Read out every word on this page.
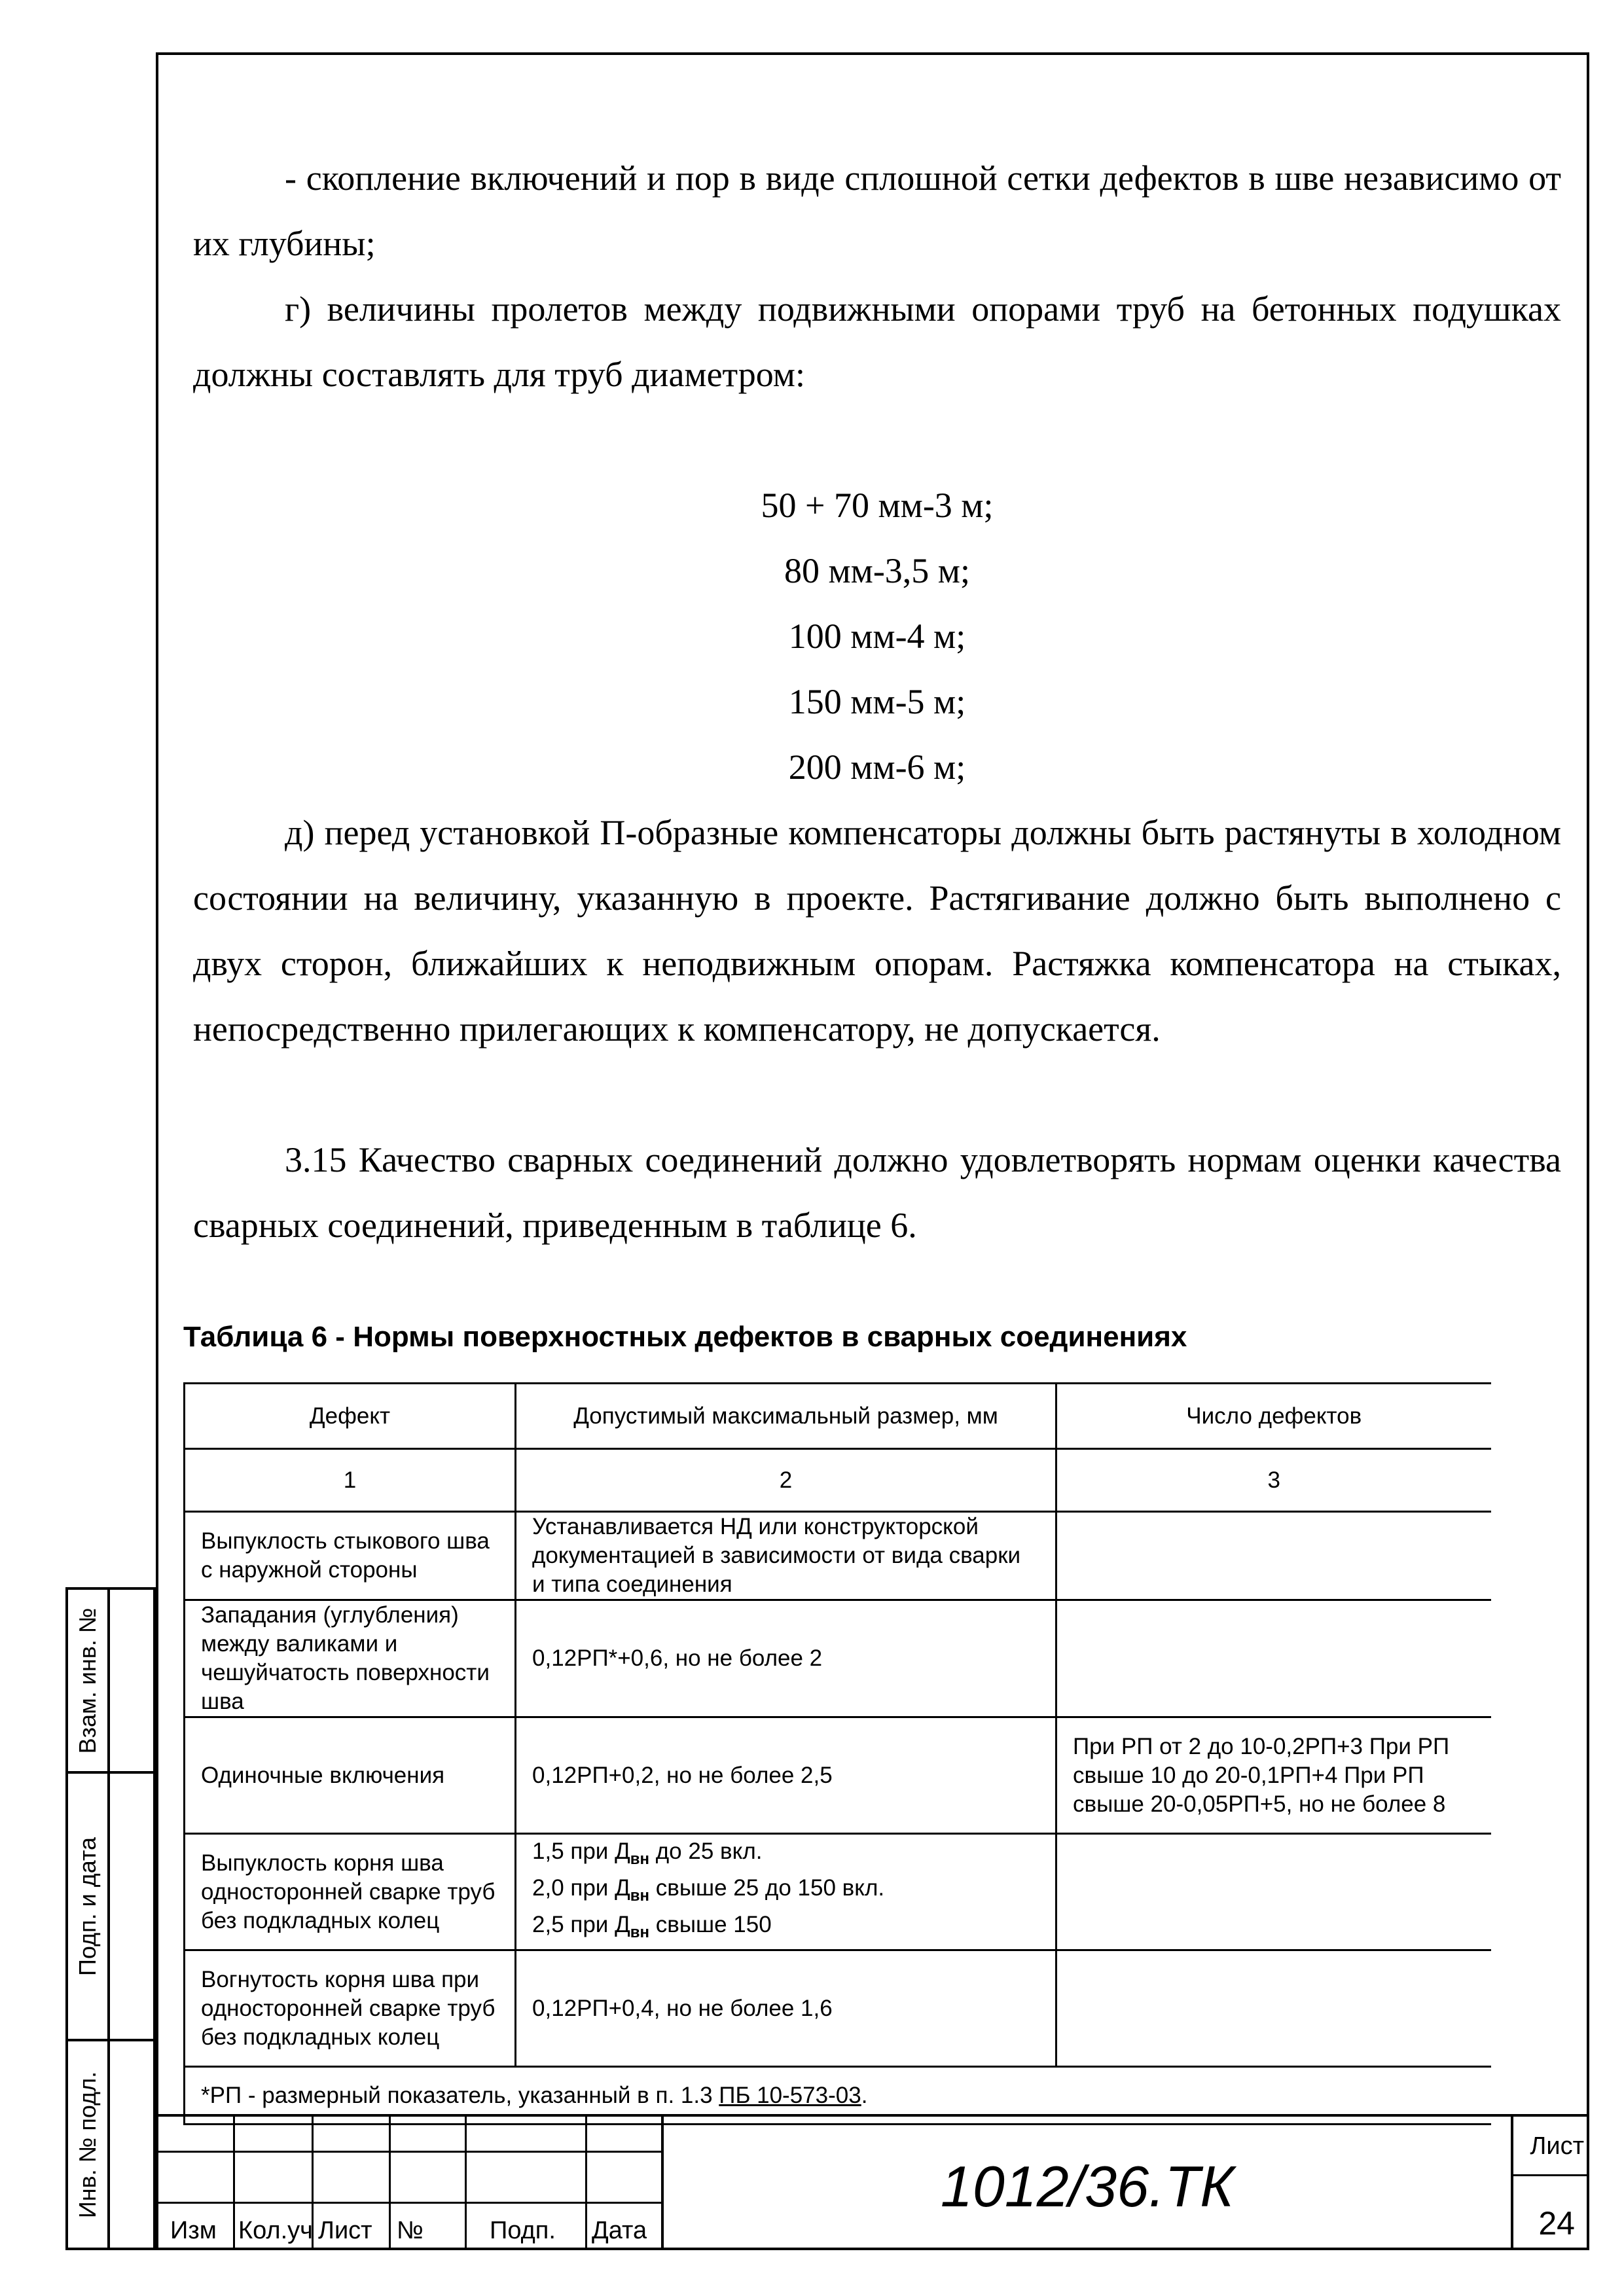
- скопление включений и пор в виде сплошной сетки дефектов в шве независимо от их глубины;

г) величины пролетов между подвижными опорами труб на бетонных подушках должны составлять для труб диаметром:

50 + 70 мм-3 м;
80 мм-3,5 м;
100 мм-4 м;
150 мм-5 м;
200 мм-6 м;

д) перед установкой П-образные компенсаторы должны быть растянуты в холодном состоянии на величину, указанную в проекте. Растягивание должно быть выполнено с двух сторон, ближайших к неподвижным опорам. Растяжка компенсатора на стыках, непосредственно прилегающих к компенсатору, не допускается.

3.15 Качество сварных соединений должно удовлетворять нормам оценки качества сварных соединений, приведенным в таблице 6.

Таблица 6 - Нормы поверхностных дефектов в сварных соединениях
Дефект	Допустимый максимальный размер, мм	Число дефектов
1	2	3
Выпуклость стыкового шва с наружной стороны	Устанавливается НД или конструкторской документацией в зависимости от вида сварки и типа соединения	
Западания (углубления) между валиками и чешуйчатость поверхности шва	0,12РП*+0,6, но не более 2	
Одиночные включения	0,12РП+0,2, но не более 2,5	При РП от 2 до 10-0,2РП+3 При РП свыше 10 до 20-0,1РП+4 При РП свыше 20-0,05РП+5, но не более 8
Выпуклость корня шва односторонней сварке труб без подкладных колец	1,5 при $Д_{вн}$ до 25 вкл.
2,0 при $Д_{вн}$ свыше 25 до 150 вкл.
2,5 при $Д_{вн}$ свыше 150	

Вогнутость корня шва при односторонней сварке труб без подкладных колец	0,12РП+0,4, но не более 1,6	
*РП - размерный показатель, указанный в п. 1.3 ПБ 10-573-03.		
Взам. инв. №
Подп. и дата
Инв. № подл.
Изм Кол.уч Лист №	Подп. Дата
1012/36.ТК
Лист
24
